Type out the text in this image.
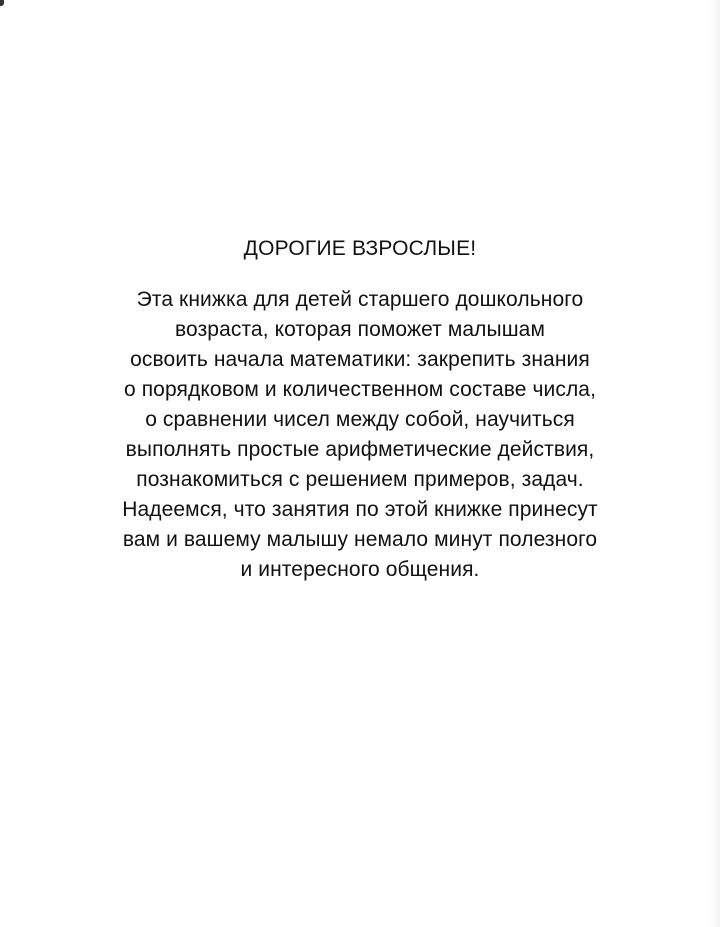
ДОРОГИЕ ВЗРОСЛЫЕ!
Эта книжка для детей старшего дошкольного
возраста, которая поможет малышам
освоить начала математики: закрепить знания
о порядковом и количественном составе числа,
о сравнении чисел между собой, научиться
выполнять простые арифметические действия,
познакомиться с решением примеров, задач.
Надеемся, что занятия по этой книжке принесут
вам и вашему малышу немало минут полезного
и интересного общения.
